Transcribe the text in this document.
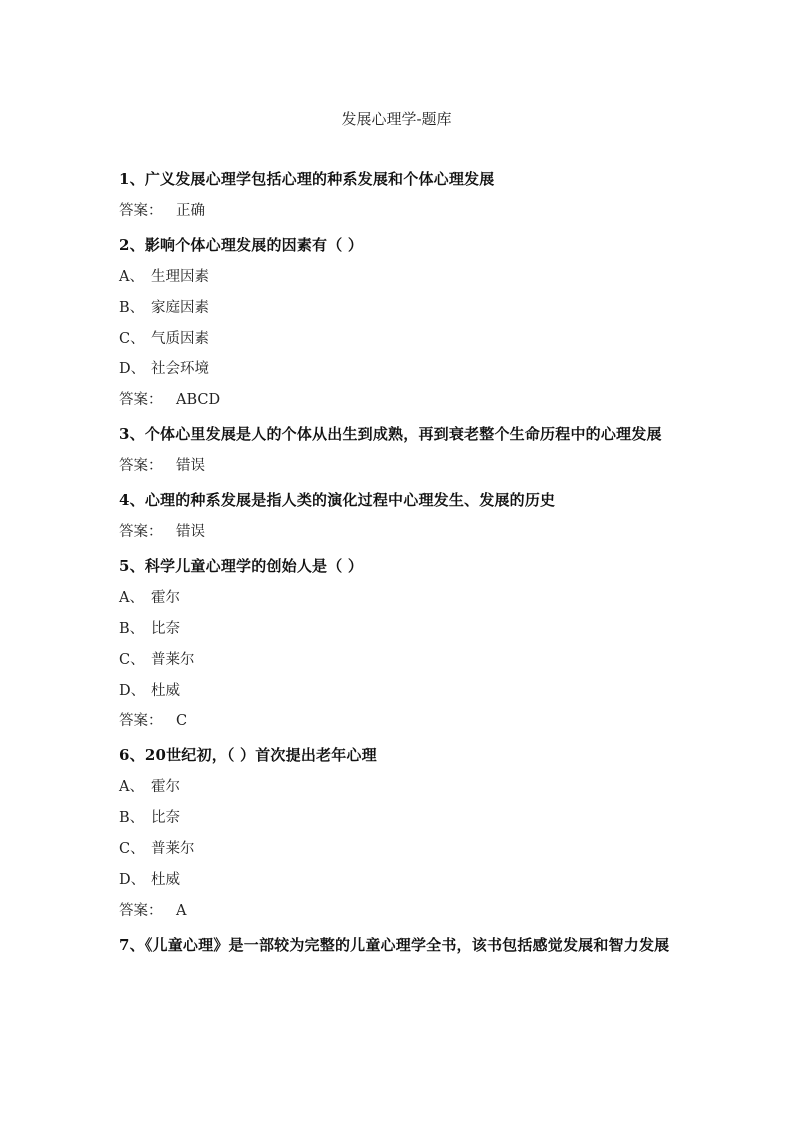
发展心理学-题库

1、广义发展心理学包括心理的种系发展和个体心理发展

答案： 正确

2、影响个体心理发展的因素有（ ）

A、 生理因素
B、 家庭因素
C、 气质因素
D、 社会环境
答案： ABCD

3、个体心里发展是人的个体从出生到成熟，再到衰老整个生命历程中的心理发展

答案： 错误

4、心理的种系发展是指人类的演化过程中心理发生、发展的历史

答案： 错误

5、科学儿童心理学的创始人是（ ）

A、 霍尔
B、 比奈
C、 普莱尔
D、 杜威
答案： C

6、20世纪初，（ ）首次提出老年心理

A、 霍尔
B、 比奈
C、 普莱尔
D、 杜威
答案： A

7、《儿童心理》是一部较为完整的儿童心理学全书，该书包括感觉发展和智力发展
